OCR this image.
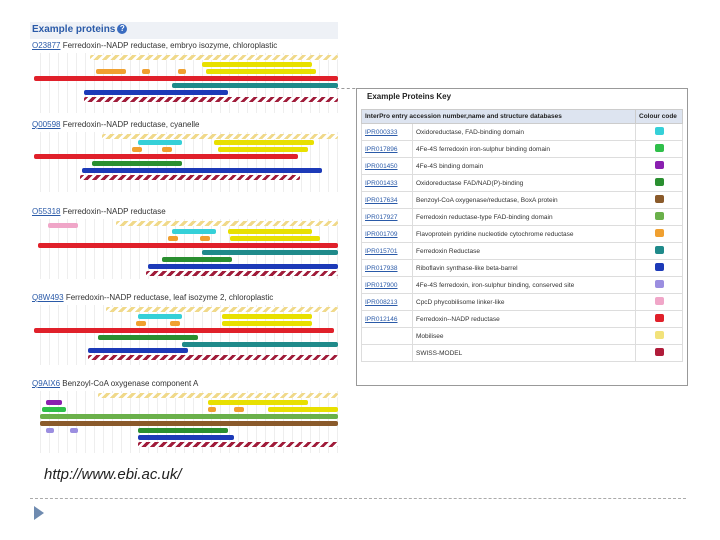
Example proteins ?
O23877 Ferredoxin--NADP reductase, embryo isozyme, chloroplastic
Q00598 Ferredoxin--NADP reductase, cyanelle
O55318 Ferredoxin--NADP reductase
Q8W493 Ferredoxin--NADP reductase, leaf isozyme 2, chloroplastic
Q9AIX6 Benzoyl-CoA oxygenase component A
Example Proteins Key
InterPro entry accession number,name and structure databases		Colour code
IPR000333	Oxidoreductase, FAD-binding domain	
IPR017896	4Fe-4S ferredoxin iron-sulphur binding domain	
IPR001450	4Fe-4S binding domain	
IPR001433	Oxidoreductase FAD/NAD(P)-binding	
IPR017634	Benzoyl-CoA oxygenase/reductase, BoxA protein	
IPR017927	Ferredoxin reductase-type FAD-binding domain	
IPR001709	Flavoprotein pyridine nucleotide cytochrome reductase	
IPR015701	Ferredoxin Reductase	
IPR017938	Riboflavin synthase-like beta-barrel	
IPR017900	4Fe-4S ferredoxin, iron-sulphur binding, conserved site	
IPR008213	CpcD phycobilisome linker-like	
IPR012146	Ferredoxin--NADP reductase	
	Mobilisee	
	SWISS-MODEL	
http://www.ebi.ac.uk/
